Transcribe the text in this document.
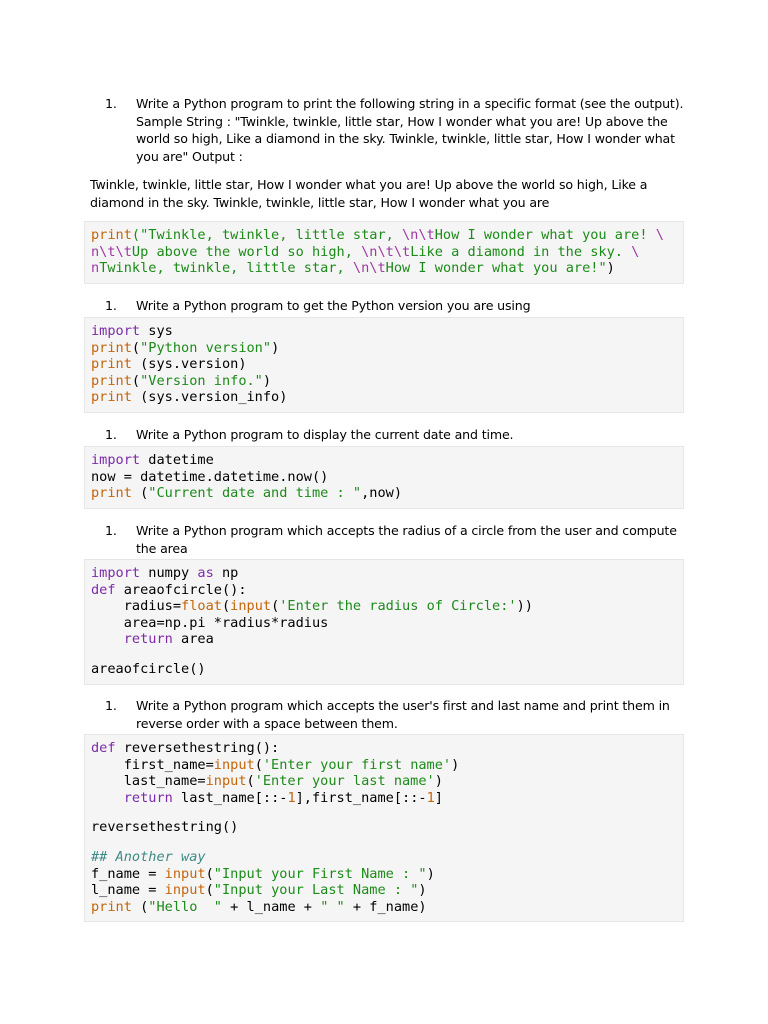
1. Write a Python program to print the following string in a specific format (see the output). Sample String : "Twinkle, twinkle, little star, How I wonder what you are! Up above the world so high, Like a diamond in the sky. Twinkle, twinkle, little star, How I wonder what you are" Output :
Twinkle, twinkle, little star, How I wonder what you are! Up above the world so high, Like a diamond in the sky. Twinkle, twinkle, little star, How I wonder what you are
print("Twinkle, twinkle, little star, \n\tHow I wonder what you are! \
n\t\tUp above the world so high, \n\t\tLike a diamond in the sky. \
nTwinkle, twinkle, little star, \n\tHow I wonder what you are!")
1. Write a Python program to get the Python version you are using
import sys
print("Python version")
print (sys.version)
print("Version info.")
print (sys.version_info)
1. Write a Python program to display the current date and time.
import datetime
now = datetime.datetime.now()
print ("Current date and time : ",now)
1. Write a Python program which accepts the radius of a circle from the user and compute the area
import numpy as np
def areaofcircle():
radius=float(input('Enter the radius of Circle:'))
area=np.pi *radius*radius
return area
areaofcircle()
1. Write a Python program which accepts the user's first and last name and print them in reverse order with a space between them.
def reversethestring():
first_name=input('Enter your first name')
last_name=input('Enter your last name')
return last_name[::-1],first_name[::-1]
reversethestring()
## Another way
f_name = input("Input your First Name : ")
l_name = input("Input your Last Name : ")
print ("Hello  " + l_name + " " + f_name)
